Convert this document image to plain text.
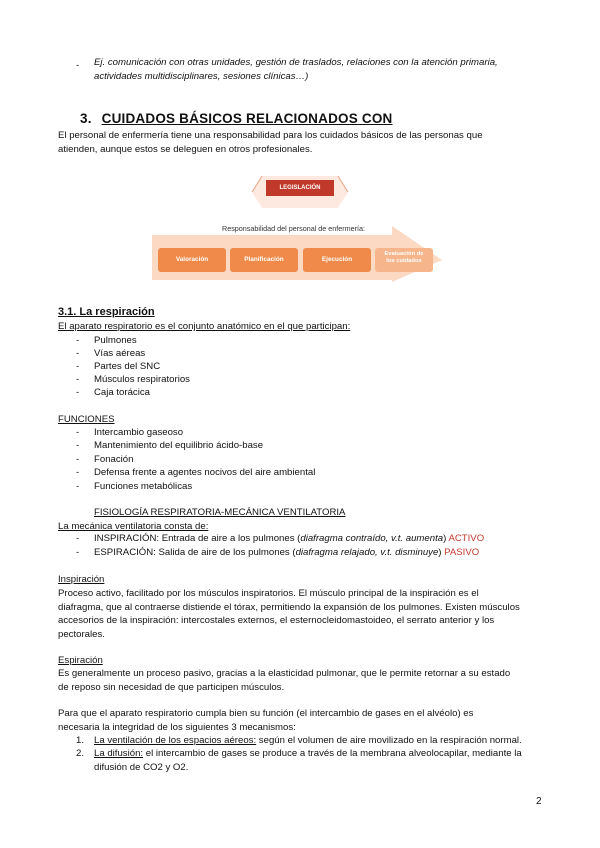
- Ej. comunicación con otras unidades, gestión de traslados, relaciones con la atención primaria,
actividades multidisciplinares, sesiones clínicas…)
3. CUIDADOS BÁSICOS RELACIONADOS CON
El personal de enfermería tiene una responsabilidad para los cuidados básicos de las personas que
atienden, aunque estos se deleguen en otros profesionales.
LEGISLACIÓN
Responsabilidad del personal de enfermería:
Valoración	Planificación	Ejecución
Evaluación de los cuidados
3.1. La respiración
El aparato respiratorio es el conjunto anatómico en el que participan:
- Pulmones
- Vías aéreas
- Partes del SNC
- Músculos respiratorios
- Caja torácica
FUNCIONES
- Intercambio gaseoso
- Mantenimiento del equilibrio ácido-base
- Fonación
- Defensa frente a agentes nocivos del aire ambiental
- Funciones metabólicas
FISIOLOGÍA RESPIRATORIA-MECÁNICA VENTILATORIA
La mecánica ventilatoria consta de:
- INSPIRACIÓN: Entrada de aire a los pulmones (diafragma contraído, v.t. aumenta) ACTIVO
- ESPIRACIÓN: Salida de aire de los pulmones (diafragma relajado, v.t. disminuye) PASIVO
Inspiración
Proceso activo, facilitado por los músculos inspiratorios. El músculo principal de la inspiración es el
diafragma, que al contraerse distiende el tórax, permitiendo la expansión de los pulmones. Existen músculos
accesorios de la inspiración: intercostales externos, el esternocleidomastoideo, el serrato anterior y los
pectorales.
Espiración
Es generalmente un proceso pasivo, gracias a la elasticidad pulmonar, que le permite retornar a su estado
de reposo sin necesidad de que participen músculos.
Para que el aparato respiratorio cumpla bien su función (el intercambio de gases en el alvéolo) es
necesaria la integridad de los siguientes 3 mecanismos:
1. La ventilación de los espacios aéreos: según el volumen de aire movilizado en la respiración normal.
2. La difusión: el intercambio de gases se produce a través de la membrana alveolocapilar, mediante la
difusión de CO2 y O2.
2
